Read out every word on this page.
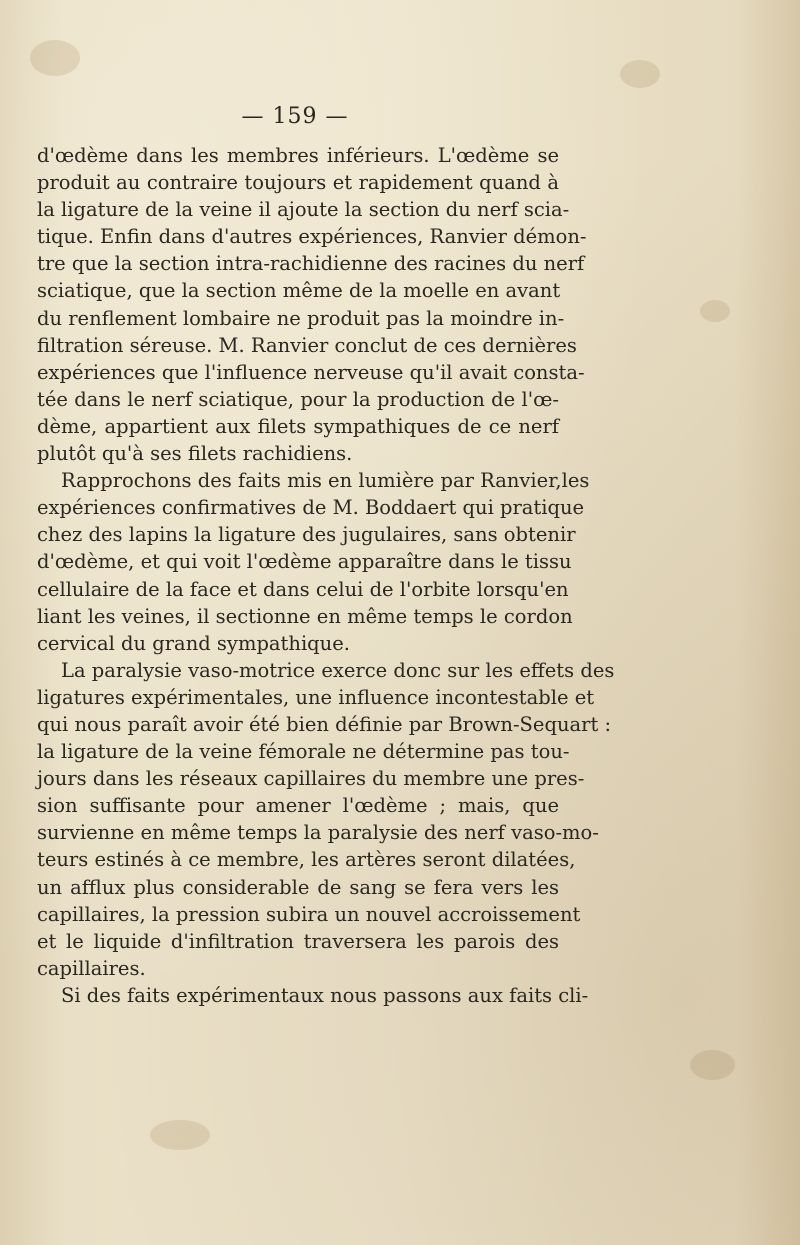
— 159 —
d'œdème dans les membres inférieurs. L'œdème se
produit au contraire toujours et rapidement quand à
la ligature de la veine il ajoute la section du nerf scia-
tique. Enfin dans d'autres expériences, Ranvier démon-
tre que la section intra-rachidienne des racines du nerf
sciatique, que la section même de la moelle en avant
du renflement lombaire ne produit pas la moindre in-
filtration séreuse. M. Ranvier conclut de ces dernières
expériences que l'influence nerveuse qu'il avait consta-
tée dans le nerf sciatique, pour la production de l'œ-
dème, appartient aux filets sympathiques de ce nerf
plutôt qu'à ses filets rachidiens.
Rapprochons des faits mis en lumière par Ranvier,les
expériences confirmatives de M. Boddaert qui pratique
chez des lapins la ligature des jugulaires, sans obtenir
d'œdème, et qui voit l'œdème apparaître dans le tissu
cellulaire de la face et dans celui de l'orbite lorsqu'en
liant les veines, il sectionne en même temps le cordon
cervical du grand sympathique.
La paralysie vaso-motrice exerce donc sur les effets des
ligatures expérimentales, une influence incontestable et
qui nous paraît avoir été bien définie par Brown-Sequart :
la ligature de la veine fémorale ne détermine pas tou-
jours dans les réseaux capillaires du membre une pres-
sion suffisante pour amener l'œdème ; mais, que
survienne en même temps la paralysie des nerf vaso-mo-
teurs estinés à ce membre, les artères seront dilatées,
un afflux plus considerable de sang se fera vers les
capillaires, la pression subira un nouvel accroissement
et le liquide d'infiltration traversera les parois des
capillaires.
Si des faits expérimentaux nous passons aux faits cli-
